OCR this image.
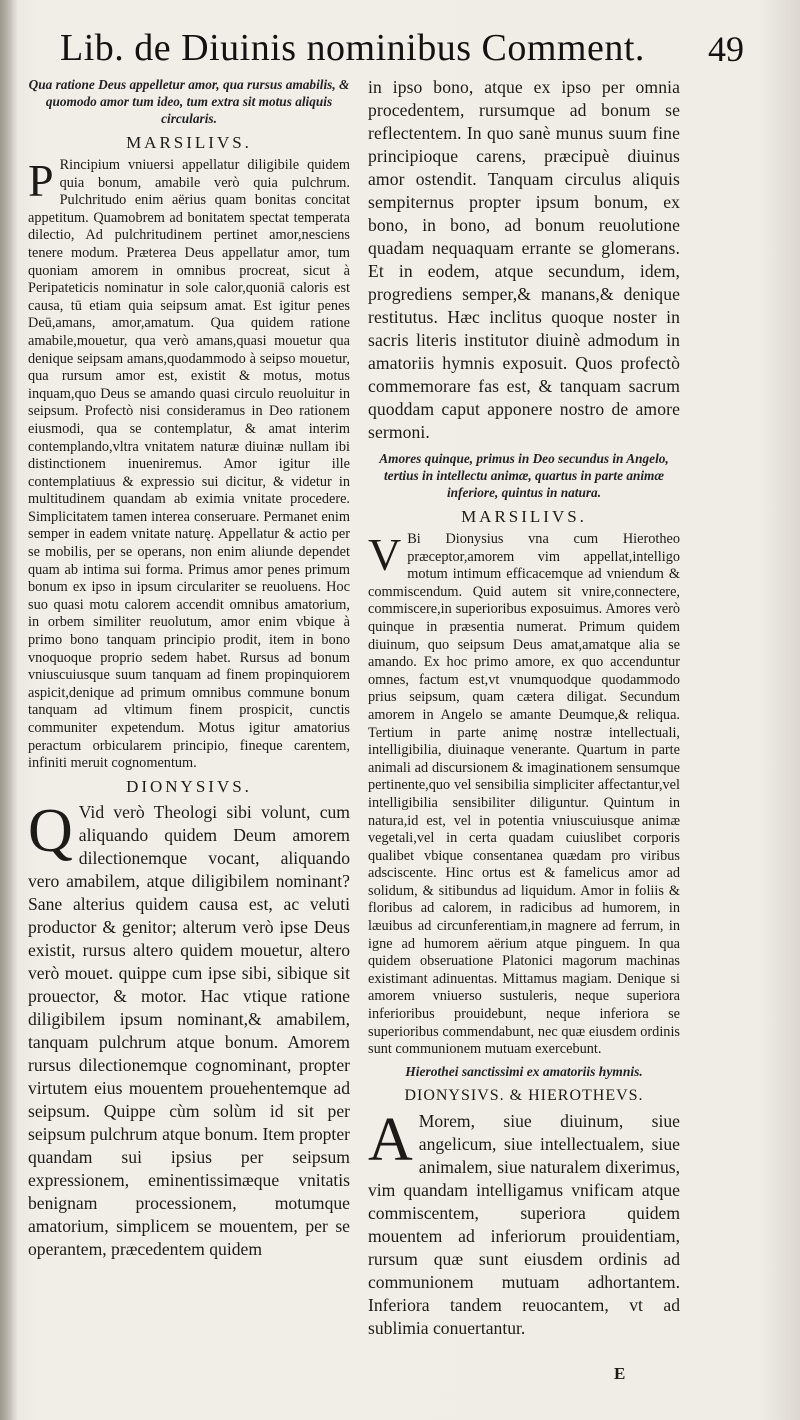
Lib. de Diuinis nominibus Comment. 49

Qua ratione Deus appelletur amor, qua rursus amabilis, & quomodo amor tum ideo, tum extra sit motus aliquis circularis.

MARSILIVS.

P Rincipium vniuersi appellatur diligibile quidem quia bonum, amabile verò quia pulchrum. Pulchritudo enim aërius quam bonitas concitat appetitum. Quamobrem ad bonitatem spectat temperata dilectio, Ad pulchritudinem pertinet amor,nesciens tenere modum. Præterea Deus appellatur amor, tum quoniam amorem in omnibus procreat, sicut à Peripateticis nominatur in sole calor,quoniā caloris est causa, tū etiam quia seipsum amat. Est igitur penes Deū,amans, amor,amatum. Qua quidem ratione amabile,mouetur, qua verò amans,quasi mouetur qua denique seipsam amans,quodammodo à seipso mouetur, qua rursum amor est, existit & motus, motus inquam,quo Deus se amando quasi circulo reuoluitur in seipsum. Profectò nisi consideramus in Deo rationem eiusmodi, qua se contemplatur, & amat interim contemplando,vltra vnitatem naturæ diuinæ nullam ibi distinctionem inueniremus. Amor igitur ille contemplatiuus & expressio sui dicitur, & videtur in multitudinem quandam ab eximia vnitate procedere. Simplicitatem tamen interea conseruare. Permanet enim semper in eadem vnitate naturę. Appellatur & actio per se mobilis, per se operans, non enim aliunde dependet quam ab intima sui forma. Primus amor penes primum bonum ex ipso in ipsum circulariter se reuoluens. Hoc suo quasi motu calorem accendit omnibus amatorium, in orbem similiter reuolutum, amor enim vbique à primo bono tanquam principio prodit, item in bono vnoquoque proprio sedem habet. Rursus ad bonum vniuscuiusque suum tanquam ad finem propinquiorem aspicit,denique ad primum omnibus commune bonum tanquam ad vltimum finem prospicit, cunctis communiter expetendum. Motus igitur amatorius peractum orbicularem principio, fineque carentem, infiniti meruit cognomentum.

DIONYSIVS.

Q Vid verò Theologi sibi volunt, cum aliquando quidem Deum amorem dilectionemque vocant, aliquando vero amabilem, atque diligibilem nominant? Sane alterius quidem causa est, ac veluti productor & genitor; alterum verò ipse Deus existit, rursus altero quidem mouetur, altero verò mouet. quippe cum ipse sibi, sibique sit prouector, & motor. Hac vtique ratione diligibilem ipsum nominant,& amabilem, tanquam pulchrum atque bonum. Amorem rursus dilectionemque cognominant, propter virtutem eius mouentem prouehentemque ad seipsum. Quippe cùm solùm id sit per seipsum pulchrum atque bonum. Item propter quandam sui ipsius per seipsum expressionem, eminentissimæque vnitatis benignam processionem, motumque amatorium, simplicem se mouentem, per se operantem, præcedentem quidem

in ipso bono, atque ex ipso per omnia procedentem, rursumque ad bonum se reflectentem. In quo sanè munus suum fine principioque carens, præcipuè diuinus amor ostendit. Tanquam circulus aliquis sempiternus propter ipsum bonum, ex bono, in bono, ad bonum reuolutione quadam nequaquam errante se glomerans. Et in eodem, atque secundum, idem, progrediens semper,& manans,& denique restitutus. Hæc inclitus quoque noster in sacris literis institutor diuinè admodum in amatoriis hymnis exposuit. Quos profectò commemorare fas est, & tanquam sacrum quoddam caput apponere nostro de amore sermoni.

Amores quinque, primus in Deo secundus in Angelo, tertius in intellectu animæ, quartus in parte animæ inferiore, quintus in natura.

MARSILIVS.

V Bi Dionysius vna cum Hierotheo præceptor,amorem vim appellat,intelligo motum intimum efficacemque ad vniendum & commiscendum. Quid autem sit vnire,connectere, commiscere,in superioribus exposuimus. Amores verò quinque in præsentia numerat. Primum quidem diuinum, quo seipsum Deus amat,amatque alia se amando. Ex hoc primo amore, ex quo accenduntur omnes, factum est,vt vnumquodque quodammodo prius seipsum, quam cætera diligat. Secundum amorem in Angelo se amante Deumque,& reliqua. Tertium in parte animę nostræ intellectuali, intelligibilia, diuinaque venerante. Quartum in parte animali ad discursionem & imaginationem sensumque pertinente,quo vel sensibilia simpliciter affectantur,vel intelligibilia sensibiliter diliguntur. Quintum in natura,id est, vel in potentia vniuscuiusque animæ vegetali,vel in certa quadam cuiuslibet corporis qualibet vbique consentanea quædam pro viribus adsciscente. Hinc ortus est & famelicus amor ad solidum, & sitibundus ad liquidum. Amor in foliis & floribus ad calorem, in radicibus ad humorem, in læuibus ad circunferentiam,in magnere ad ferrum, in igne ad humorem aërium atque pinguem. In qua quidem obseruatione Platonici magorum machinas existimant adinuentas. Mittamus magiam. Denique si amorem vniuerso sustuleris, neque superiora inferioribus prouidebunt, neque inferiora se superioribus commendabunt, nec quæ eiusdem ordinis sunt communionem mutuam exercebunt.

Hierothei sanctissimi ex amatoriis hymnis.

DIONYSIVS. & HIEROTHEVS.

A Morem, siue diuinum, siue angelicum, siue intellectualem, siue animalem, siue naturalem dixerimus, vim quandam intelligamus vnificam atque commiscentem, superiora quidem mouentem ad inferiorum prouidentiam, rursum quæ sunt eiusdem ordinis ad communionem mutuam adhortantem. Inferiora tandem reuocantem, vt ad sublimia conuertantur.

E
